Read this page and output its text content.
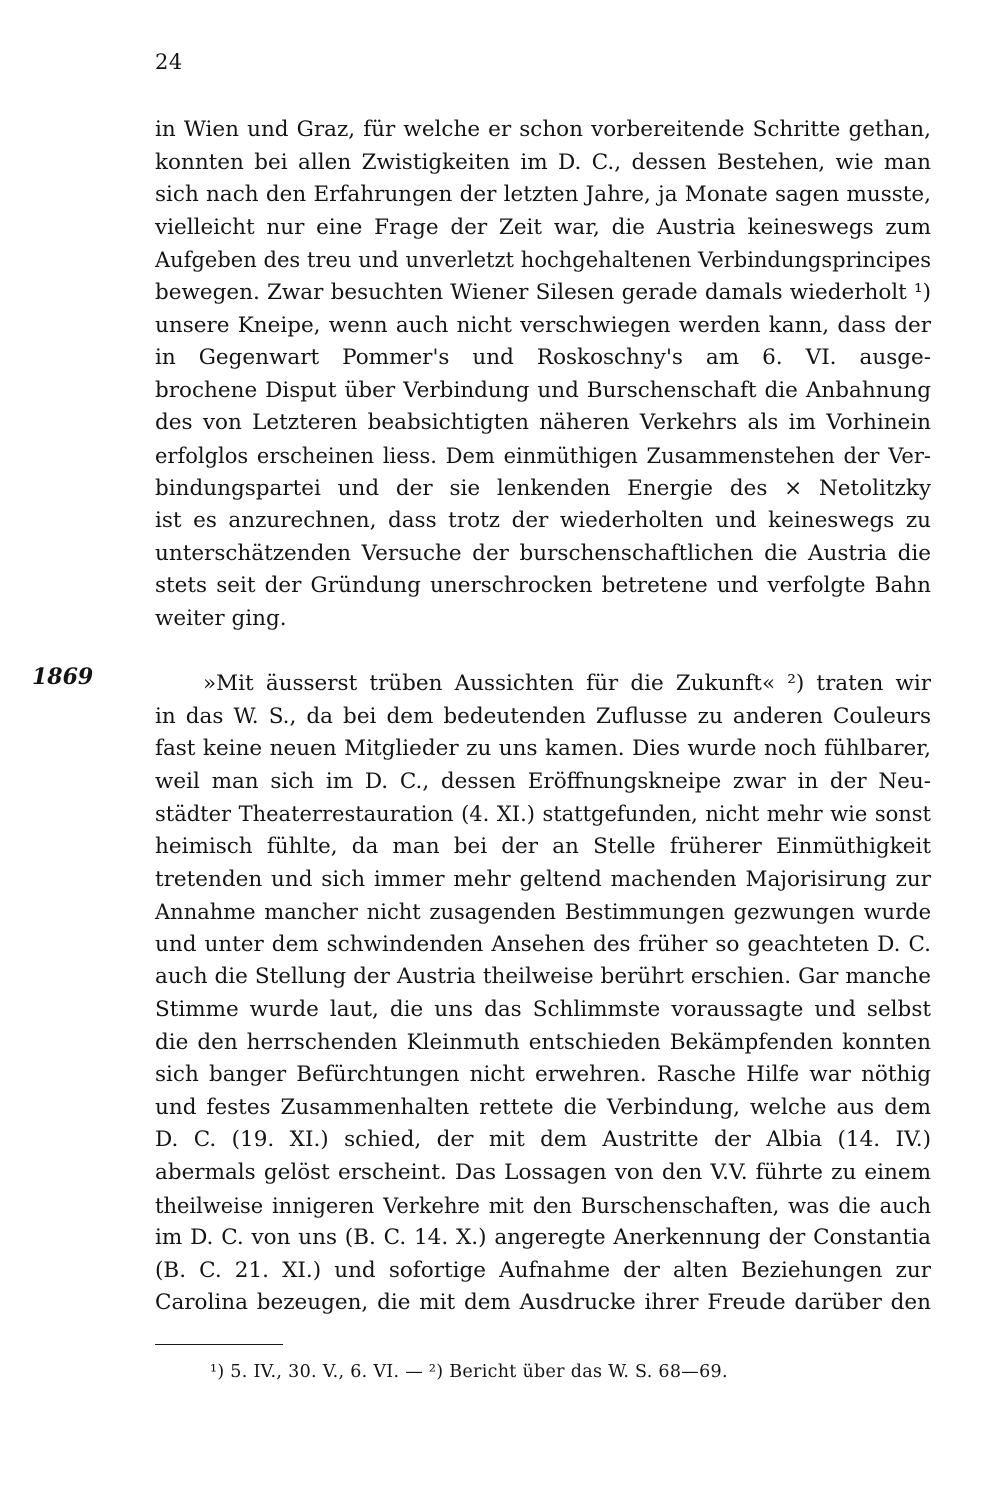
24
in Wien und Graz, für welche er schon vorbereitende Schritte gethan,
konnten bei allen Zwistigkeiten im D. C., dessen Bestehen, wie man
sich nach den Erfahrungen der letzten Jahre, ja Monate sagen musste,
vielleicht nur eine Frage der Zeit war, die Austria keineswegs zum
Aufgeben des treu und unverletzt hochgehaltenen Verbindungsprincipes
bewegen. Zwar besuchten Wiener Silesen gerade damals wiederholt ¹)
unsere Kneipe, wenn auch nicht verschwiegen werden kann, dass der
in Gegenwart Pommer's und Roskoschny's am 6. VI. ausge-
brochene Disput über Verbindung und Burschenschaft die Anbahnung
des von Letzteren beabsichtigten näheren Verkehrs als im Vorhinein
erfolglos erscheinen liess. Dem einmüthigen Zusammenstehen der Ver-
bindungspartei und der sie lenkenden Energie des × Netolitzky
ist es anzurechnen, dass trotz der wiederholten und keineswegs zu
unterschätzenden Versuche der burschenschaftlichen die Austria die
stets seit der Gründung unerschrocken betretene und verfolgte Bahn
weiter ging.
1869	»Mit äusserst trüben Aussichten für die Zukunft« ²) traten wir
in das W. S., da bei dem bedeutenden Zuflusse zu anderen Couleurs
fast keine neuen Mitglieder zu uns kamen. Dies wurde noch fühlbarer,
weil man sich im D. C., dessen Eröffnungskneipe zwar in der Neu-
städter Theaterrestauration (4. XI.) stattgefunden, nicht mehr wie sonst
heimisch fühlte, da man bei der an Stelle früherer Einmüthigkeit
tretenden und sich immer mehr geltend machenden Majorisirung zur
Annahme mancher nicht zusagenden Bestimmungen gezwungen wurde
und unter dem schwindenden Ansehen des früher so geachteten D. C.
auch die Stellung der Austria theilweise berührt erschien. Gar manche
Stimme wurde laut, die uns das Schlimmste voraussagte und selbst
die den herrschenden Kleinmuth entschieden Bekämpfenden konnten
sich banger Befürchtungen nicht erwehren. Rasche Hilfe war nöthig
und festes Zusammenhalten rettete die Verbindung, welche aus dem
D. C. (19. XI.) schied, der mit dem Austritte der Albia (14. IV.)
abermals gelöst erscheint. Das Lossagen von den V.V. führte zu einem
theilweise innigeren Verkehre mit den Burschenschaften, was die auch
im D. C. von uns (B. C. 14. X.) angeregte Anerkennung der Constantia
(B. C. 21. XI.) und sofortige Aufnahme der alten Beziehungen zur
Carolina bezeugen, die mit dem Ausdrucke ihrer Freude darüber den
¹) 5. IV., 30. V., 6. VI. — ²) Bericht über das W. S. 68—69.
